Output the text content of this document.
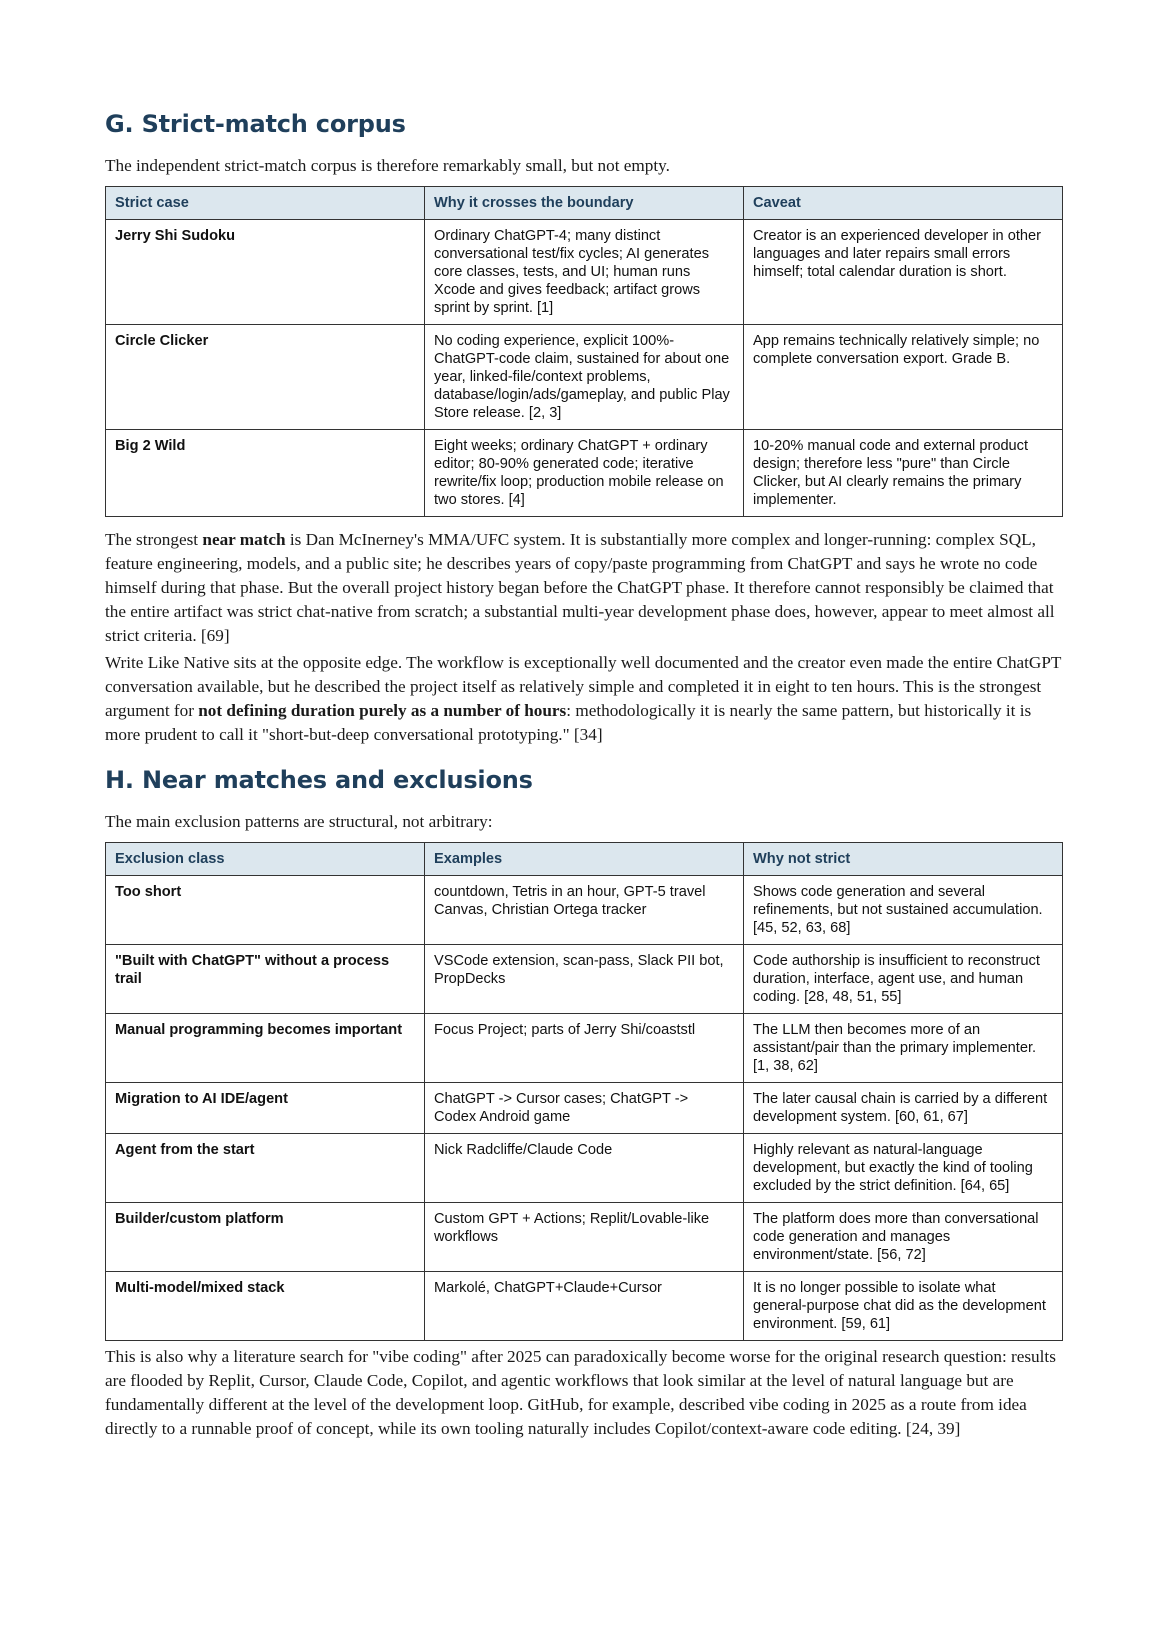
G. Strict-match corpus

The independent strict-match corpus is therefore remarkably small, but not empty.

Strict case	Why it crosses the boundary	Caveat
Jerry Shi Sudoku	Ordinary ChatGPT-4; many distinct conversational test/fix cycles; AI generates core classes, tests, and UI; human runs Xcode and gives feedback; artifact grows sprint by sprint. [1]	Creator is an experienced developer in other languages and later repairs small errors himself; total calendar duration is short.
Circle Clicker	No coding experience, explicit 100%-ChatGPT-code claim, sustained for about one year, linked-file/context problems, database/login/ads/gameplay, and public Play Store release. [2, 3]	App remains technically relatively simple; no complete conversation export. Grade B.
Big 2 Wild	Eight weeks; ordinary ChatGPT + ordinary editor; 80-90% generated code; iterative rewrite/fix loop; production mobile release on two stores. [4]	10-20% manual code and external product design; therefore less "pure" than Circle Clicker, but AI clearly remains the primary implementer.

The strongest near match is Dan McInerney's MMA/UFC system. It is substantially more complex and longer-running: complex SQL, feature engineering, models, and a public site; he describes years of copy/paste programming from ChatGPT and says he wrote no code himself during that phase. But the overall project history began before the ChatGPT phase. It therefore cannot responsibly be claimed that the entire artifact was strict chat-native from scratch; a substantial multi-year development phase does, however, appear to meet almost all strict criteria. [69]

Write Like Native sits at the opposite edge. The workflow is exceptionally well documented and the creator even made the entire ChatGPT conversation available, but he described the project itself as relatively simple and completed it in eight to ten hours. This is the strongest argument for not defining duration purely as a number of hours: methodologically it is nearly the same pattern, but historically it is more prudent to call it "short-but-deep conversational prototyping." [34]

H. Near matches and exclusions

The main exclusion patterns are structural, not arbitrary:

Exclusion class	Examples	Why not strict
Too short	countdown, Tetris in an hour, GPT-5 travel Canvas, Christian Ortega tracker	Shows code generation and several refinements, but not sustained accumulation. [45, 52, 63, 68]
"Built with ChatGPT" without a process trail	VSCode extension, scan-pass, Slack PII bot, PropDecks	Code authorship is insufficient to reconstruct duration, interface, agent use, and human coding. [28, 48, 51, 55]
Manual programming becomes important	Focus Project; parts of Jerry Shi/coaststl	The LLM then becomes more of an assistant/pair than the primary implementer. [1, 38, 62]
Migration to AI IDE/agent	ChatGPT -> Cursor cases; ChatGPT -> Codex Android game	The later causal chain is carried by a different development system. [60, 61, 67]
Agent from the start	Nick Radcliffe/Claude Code	Highly relevant as natural-language development, but exactly the kind of tooling excluded by the strict definition. [64, 65]
Builder/custom platform	Custom GPT + Actions; Replit/Lovable-like workflows	The platform does more than conversational code generation and manages environment/state. [56, 72]
Multi-model/mixed stack	Markolé, ChatGPT+Claude+Cursor	It is no longer possible to isolate what general-purpose chat did as the development environment. [59, 61]

This is also why a literature search for "vibe coding" after 2025 can paradoxically become worse for the original research question: results are flooded by Replit, Cursor, Claude Code, Copilot, and agentic workflows that look similar at the level of natural language but are fundamentally different at the level of the development loop. GitHub, for example, described vibe coding in 2025 as a route from idea directly to a runnable proof of concept, while its own tooling naturally includes Copilot/context-aware code editing. [24, 39]
